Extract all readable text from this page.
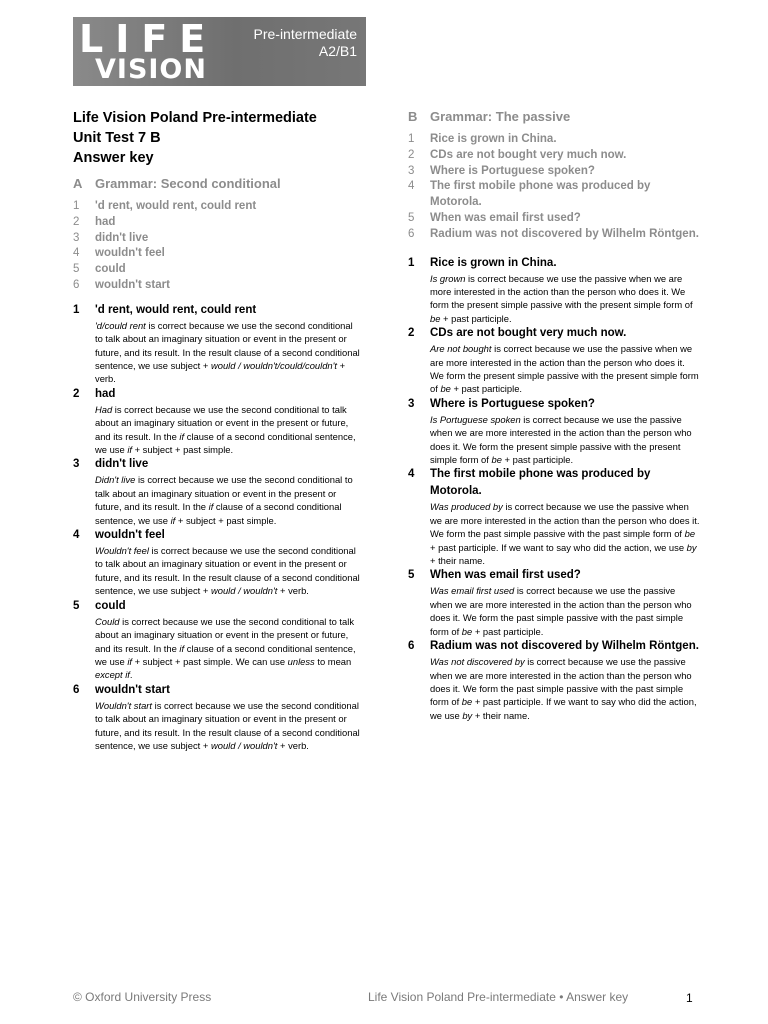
LIFE
VISION
Pre-intermediate
A2/B1

Life Vision Poland Pre-intermediate

Unit Test 7 B

Answer key

A Grammar: Second conditional

1	'd rent, would rent, could rent
2	had
3	didn't live
4	wouldn't feel
5	could
6	wouldn't start
1	'd rent, would rent, could rent
'd/could rent is correct because we use the second conditional to talk about an imaginary situation or event in the present or future, and its result. In the result clause of a second conditional sentence, we use subject + would / wouldn't/could/couldn't + verb.
2	had
Had is correct because we use the second conditional to talk about an imaginary situation or event in the present or future, and its result. In the if clause of a second conditional sentence, we use if + subject + past simple.
3	didn't live
Didn't live is correct because we use the second conditional to talk about an imaginary situation or event in the present or future, and its result. In the if clause of a second conditional sentence, we use if + subject + past simple.
4	wouldn't feel
Wouldn't feel is correct because we use the second conditional to talk about an imaginary situation or event in the present or future, and its result. In the result clause of a second conditional sentence, we use subject + would / wouldn't + verb.
5	could
Could is correct because we use the second conditional to talk about an imaginary situation or event in the present or future, and its result. In the if clause of a second conditional sentence, we use if + subject + past simple. We can use unless to mean except if.
6	wouldn't start
Wouldn't start is correct because we use the second conditional to talk about an imaginary situation or event in the present or future, and its result. In the result clause of a second conditional sentence, we use subject + would / wouldn't + verb.

B Grammar: The passive

1	Rice is grown in China.
2	CDs are not bought very much now.
3	Where is Portuguese spoken?
4	The first mobile phone was produced by Motorola.
5	When was email first used?
6	Radium was not discovered by Wilhelm Röntgen.
1	Rice is grown in China.
Is grown is correct because we use the passive when we are more interested in the action than the person who does it. We form the present simple passive with the present simple form of be + past participle.
2	CDs are not bought very much now.
Are not bought is correct because we use the passive when we are more interested in the action than the person who does it. We form the present simple passive with the present simple form of be + past participle.
3	Where is Portuguese spoken?
Is Portuguese spoken is correct because we use the passive when we are more interested in the action than the person who does it. We form the present simple passive with the present simple form of be + past participle.
4	The first mobile phone was produced by Motorola.
Was produced by is correct because we use the passive when we are more interested in the action than the person who does it. We form the past simple passive with the past simple form of be + past participle. If we want to say who did the action, we use by + their name.
5	When was email first used?
Was email first used is correct because we use the passive when we are more interested in the action than the person who does it. We form the past simple passive with the past simple form of be + past participle.
6	Radium was not discovered by Wilhelm Röntgen.
Was not discovered by is correct because we use the passive when we are more interested in the action than the person who does it. We form the past simple passive with the past simple form of be + past participle. If we want to say who did the action, we use by + their name.
© Oxford University Press	Life Vision Poland Pre-intermediate • Answer key	1
